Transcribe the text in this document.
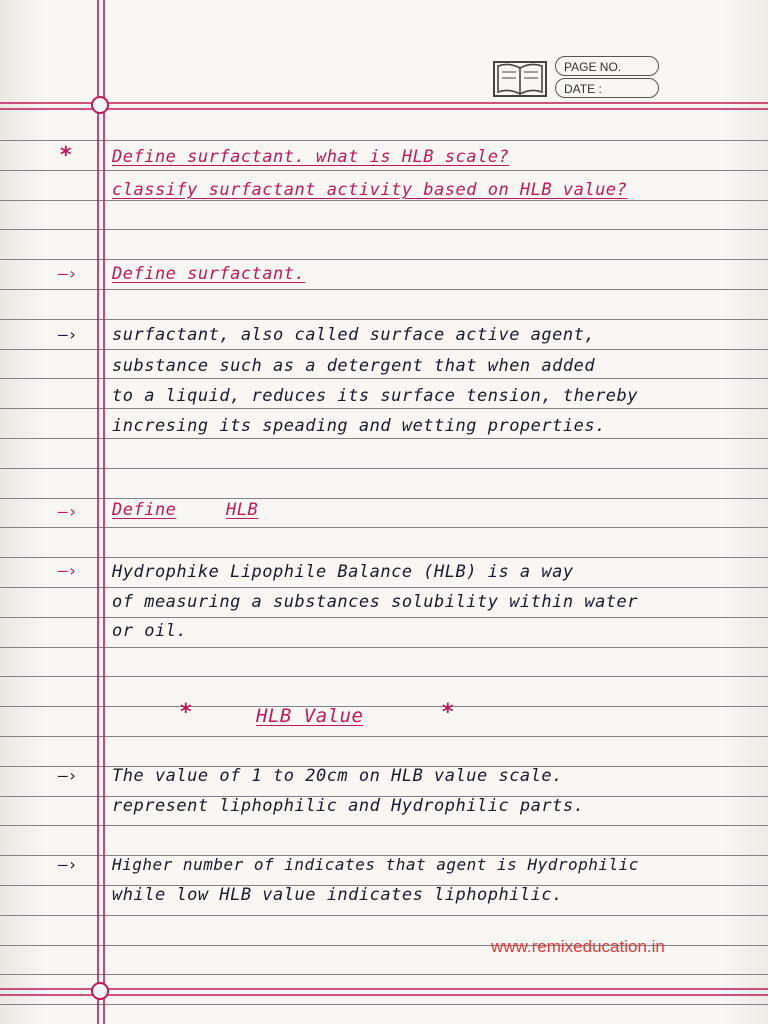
PAGE NO.
DATE :
* Define surfactant. what is HLB scale?
classify surfactant activity based on HLB value?
–› Define surfactant.
–› surfactant, also called surface active agent,
substance such as a detergent that when added
to a liquid, reduces its surface tension, thereby
incresing its speading and wetting properties.
–› Define	HLB
–› Hydrophike Lipophile Balance (HLB) is a way
of measuring a substances solubility within water
or oil.
*	HLB Value	*
–› The value of 1 to 20cm on HLB value scale.
represent liphophilic and Hydrophilic parts.
–› Higher number of indicates that agent is Hydrophilic
while low HLB value indicates liphophilic.
www.remixeducation.in
